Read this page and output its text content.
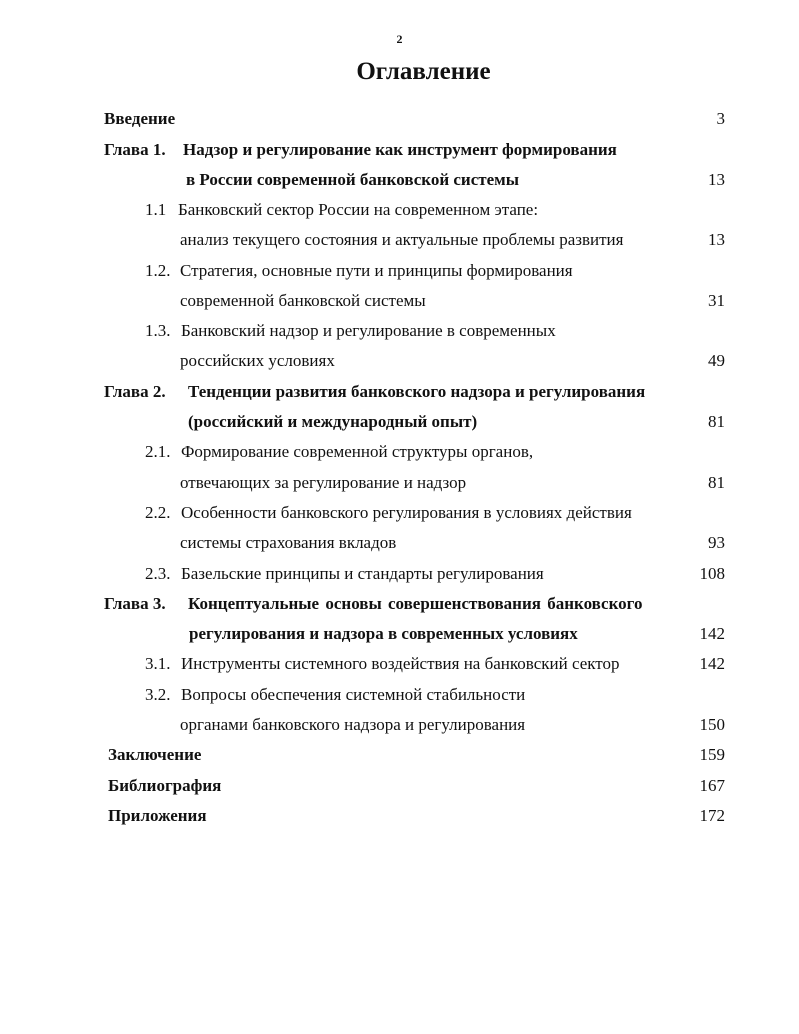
2
Оглавление
Введение	3
Глава 1. Надзор и регулирование как инструмент формирования
в России современной банковской системы	13
1.1 Банковский сектор России на современном этапе:
анализ текущего состояния и актуальные проблемы развития	13
1.2. Стратегия, основные пути и принципы формирования
современной банковской системы	31
1.3. Банковский надзор и регулирование в современных
российских условиях	49
Глава 2. Тенденции развития банковского надзора и регулирования
(российский и международный опыт)	81
2.1. Формирование современной структуры органов,
отвечающих за регулирование и надзор	81
2.2. Особенности банковского регулирования в условиях действия
системы страхования вкладов	93
2.3. Базельские принципы и стандарты регулирования	108
Глава 3. Концептуальные основы совершенствования банковского
регулирования и надзора в современных условиях	142
3.1. Инструменты системного воздействия на банковский сектор	142
3.2. Вопросы обеспечения системной стабильности
органами банковского надзора и регулирования	150
Заключение	159
Библиография	167
Приложения	172
